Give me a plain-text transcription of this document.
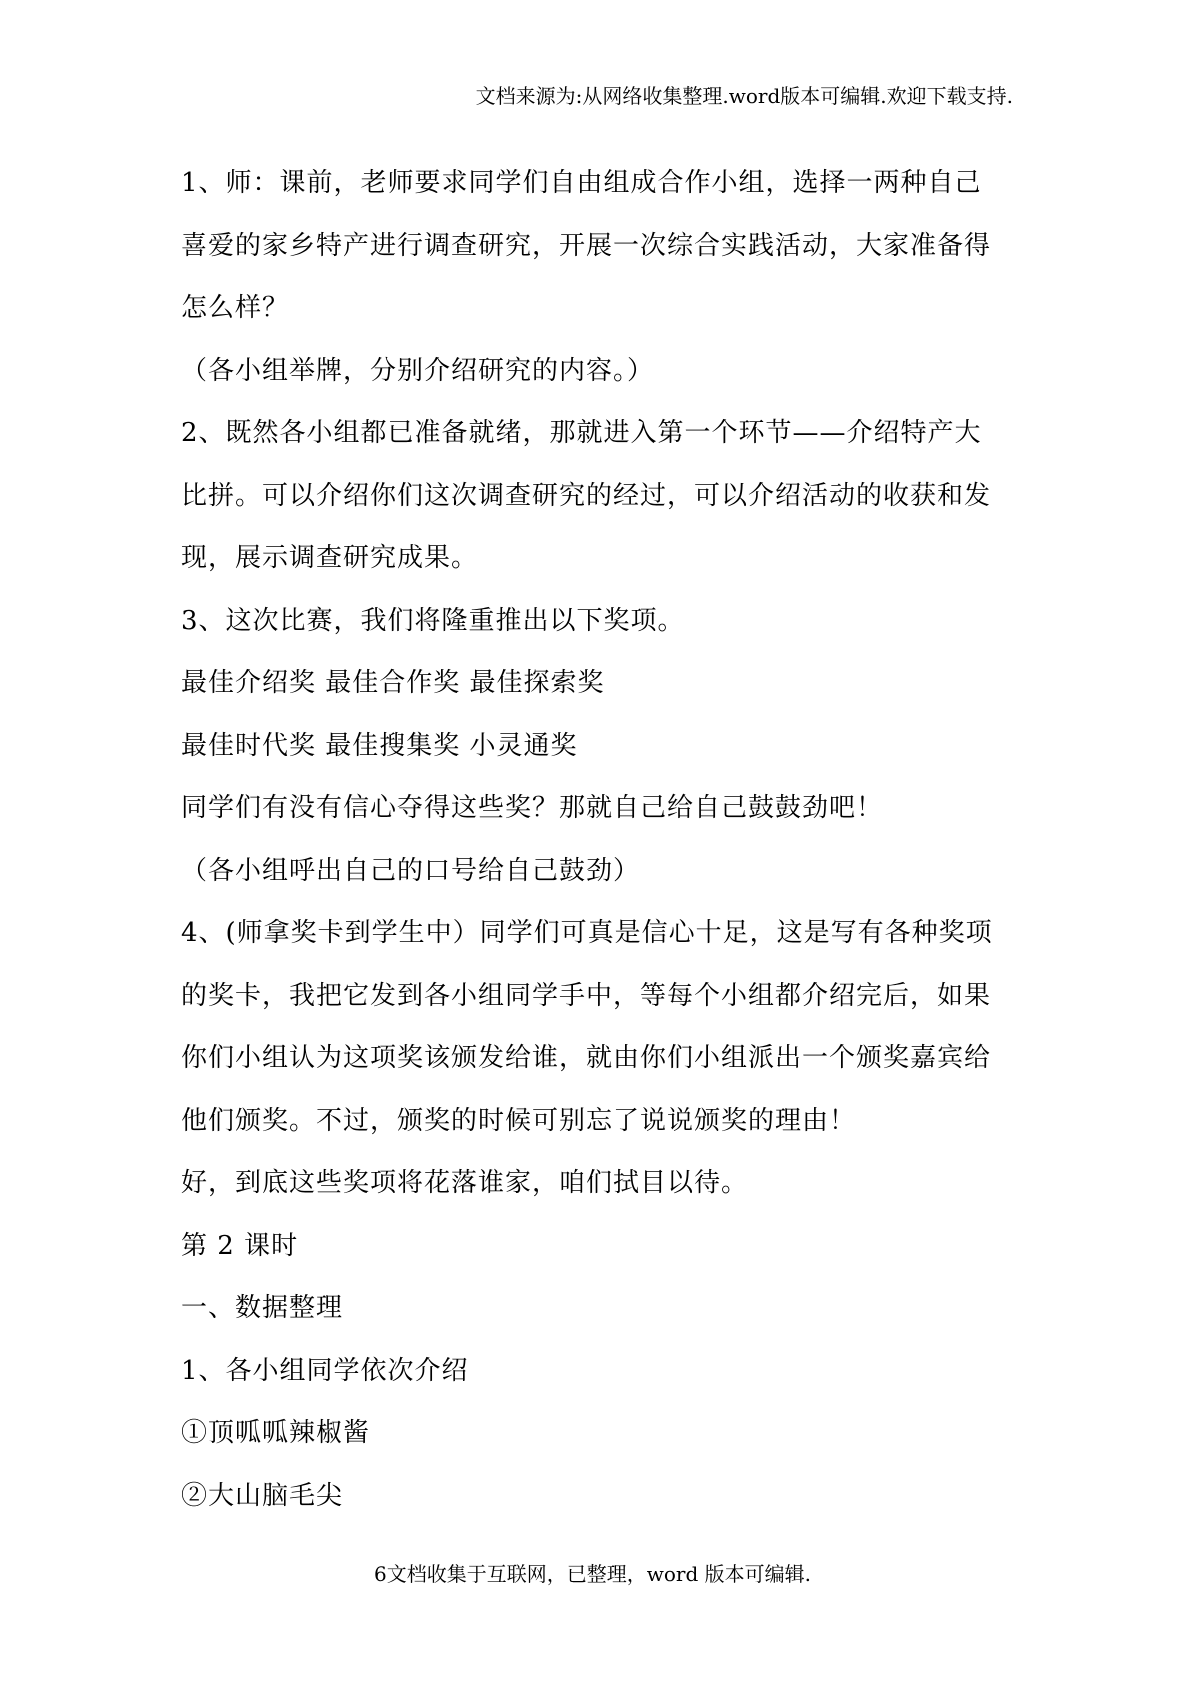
文档来源为:从网络收集整理.word版本可编辑.欢迎下载支持.

1、师：课前，老师要求同学们自由组成合作小组，选择一两种自己

喜爱的家乡特产进行调查研究，开展一次综合实践活动，大家准备得

怎么样？

（各小组举牌，分别介绍研究的内容。）

2、既然各小组都已准备就绪，那就进入第一个环节——介绍特产大

比拼。可以介绍你们这次调查研究的经过，可以介绍活动的收获和发

现，展示调查研究成果。

3、这次比赛，我们将隆重推出以下奖项。

最佳介绍奖 最佳合作奖 最佳探索奖

最佳时代奖 最佳搜集奖 小灵通奖

同学们有没有信心夺得这些奖？那就自己给自己鼓鼓劲吧！

（各小组呼出自己的口号给自己鼓劲）

4、(师拿奖卡到学生中）同学们可真是信心十足，这是写有各种奖项

的奖卡，我把它发到各小组同学手中，等每个小组都介绍完后，如果

你们小组认为这项奖该颁发给谁，就由你们小组派出一个颁奖嘉宾给

他们颁奖。不过，颁奖的时候可别忘了说说颁奖的理由！

好，到底这些奖项将花落谁家，咱们拭目以待。

第 2 课时

一、数据整理

1、各小组同学依次介绍

①顶呱呱辣椒酱

②大山脑毛尖

6文档收集于互联网，已整理，word 版本可编辑.
